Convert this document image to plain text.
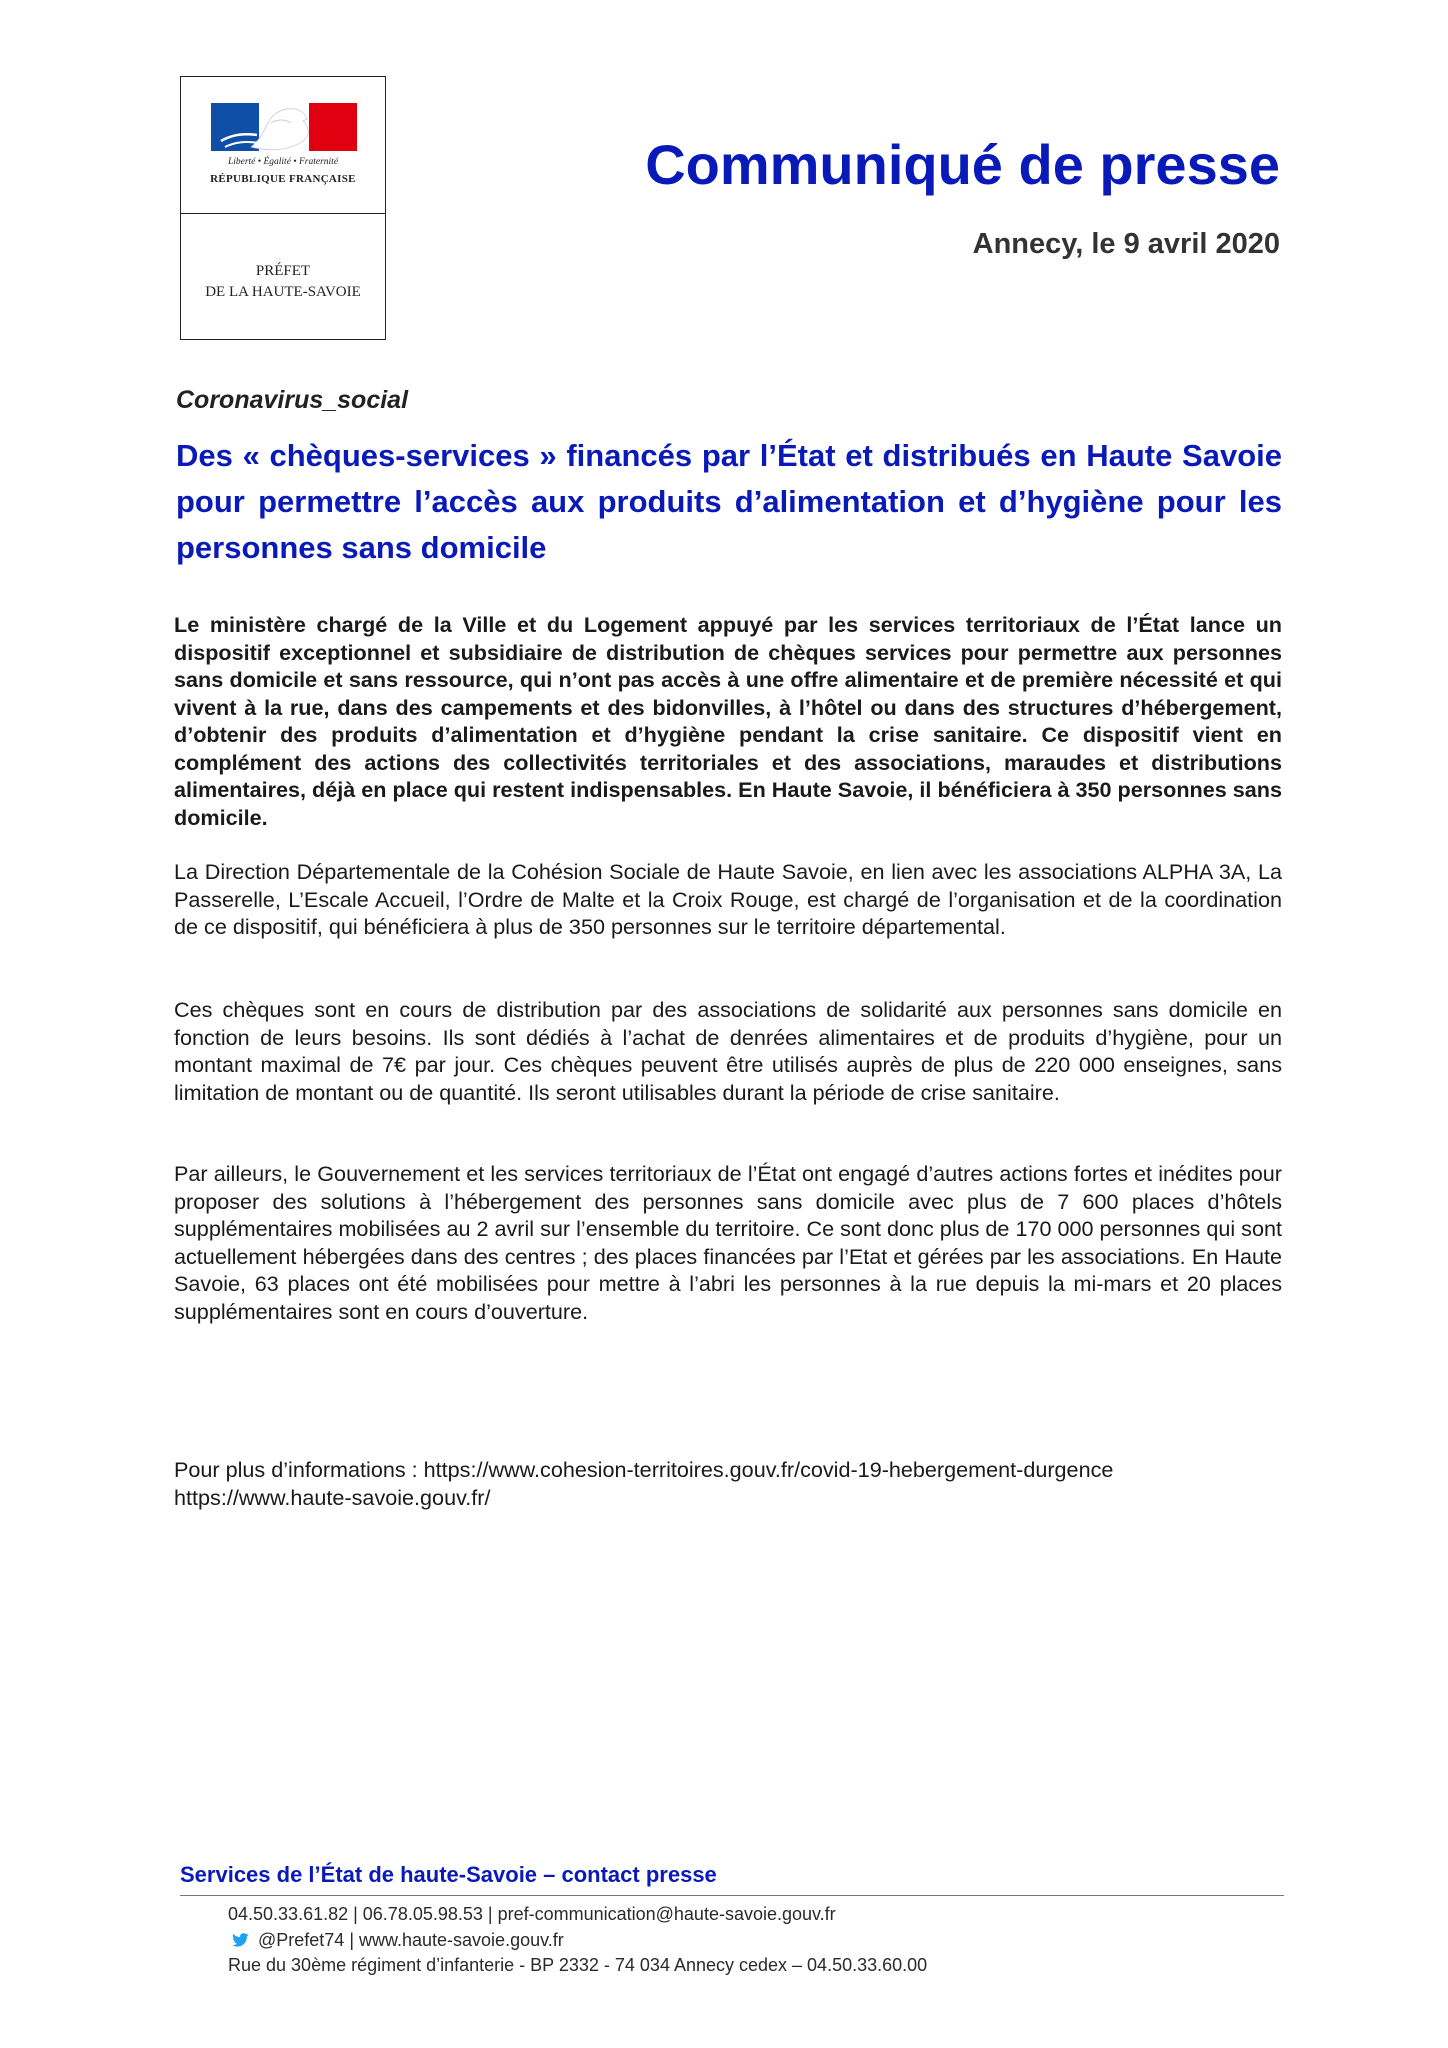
Liberté • Égalité • Fraternité
RÉPUBLIQUE FRANÇAISE
PRÉFET
DE LA HAUTE-SAVOIE
Communiqué de presse
Annecy, le 9 avril 2020
Coronavirus_social
Des « chèques-services » financés par l’État et distribués en Haute Savoie pour permettre l’accès aux produits d’alimentation et d’hygiène pour les personnes sans domicile

Le ministère chargé de la Ville et du Logement appuyé par les services territoriaux de l’État lance un dispositif exceptionnel et subsidiaire de distribution de chèques services pour permettre aux personnes sans domicile et sans ressource, qui n’ont pas accès à une offre alimentaire et de première nécessité et qui vivent à la rue, dans des campements et des bidonvilles, à l’hôtel ou dans des structures d’hébergement, d’obtenir des produits d’alimentation et d’hygiène pendant la crise sanitaire. Ce dispositif vient en complément des actions des collectivités territoriales et des associations, maraudes et distributions alimentaires, déjà en place qui restent indispensables. En Haute Savoie, il bénéficiera à 350 personnes sans domicile.

La Direction Départementale de la Cohésion Sociale de Haute Savoie, en lien avec les associations ALPHA 3A, La Passerelle, L’Escale Accueil, l’Ordre de Malte et la Croix Rouge, est chargé de l’organisation et de la coordination de ce dispositif, qui bénéficiera à plus de 350 personnes sur le territoire départemental.

Ces chèques sont en cours de distribution par des associations de solidarité aux personnes sans domicile en fonction de leurs besoins. Ils sont dédiés à l’achat de denrées alimentaires et de produits d’hygiène, pour un montant maximal de 7€ par jour. Ces chèques peuvent être utilisés auprès de plus de 220 000 enseignes, sans limitation de montant ou de quantité. Ils seront utilisables durant la période de crise sanitaire.

Par ailleurs, le Gouvernement et les services territoriaux de l’État ont engagé d’autres actions fortes et inédites pour proposer des solutions à l’hébergement des personnes sans domicile avec plus de 7 600 places d’hôtels supplémentaires mobilisées au 2 avril sur l’ensemble du territoire. Ce sont donc plus de 170 000 personnes qui sont actuellement hébergées dans des centres ; des places financées par l’Etat et gérées par les associations. En Haute Savoie, 63 places ont été mobilisées pour mettre à l’abri les personnes à la rue depuis la mi-mars et 20 places supplémentaires sont en cours d’ouverture.

Pour plus d’informations : https://www.cohesion-territoires.gouv.fr/covid-19-hebergement-durgence
https://www.haute-savoie.gouv.fr/
Services de l’État de haute-Savoie – contact presse
04.50.33.61.82 | 06.78.05.98.53 | pref-communication@haute-savoie.gouv.fr
@Prefet74 | www.haute-savoie.gouv.fr
Rue du 30ème régiment d’infanterie - BP 2332 - 74 034 Annecy cedex – 04.50.33.60.00
